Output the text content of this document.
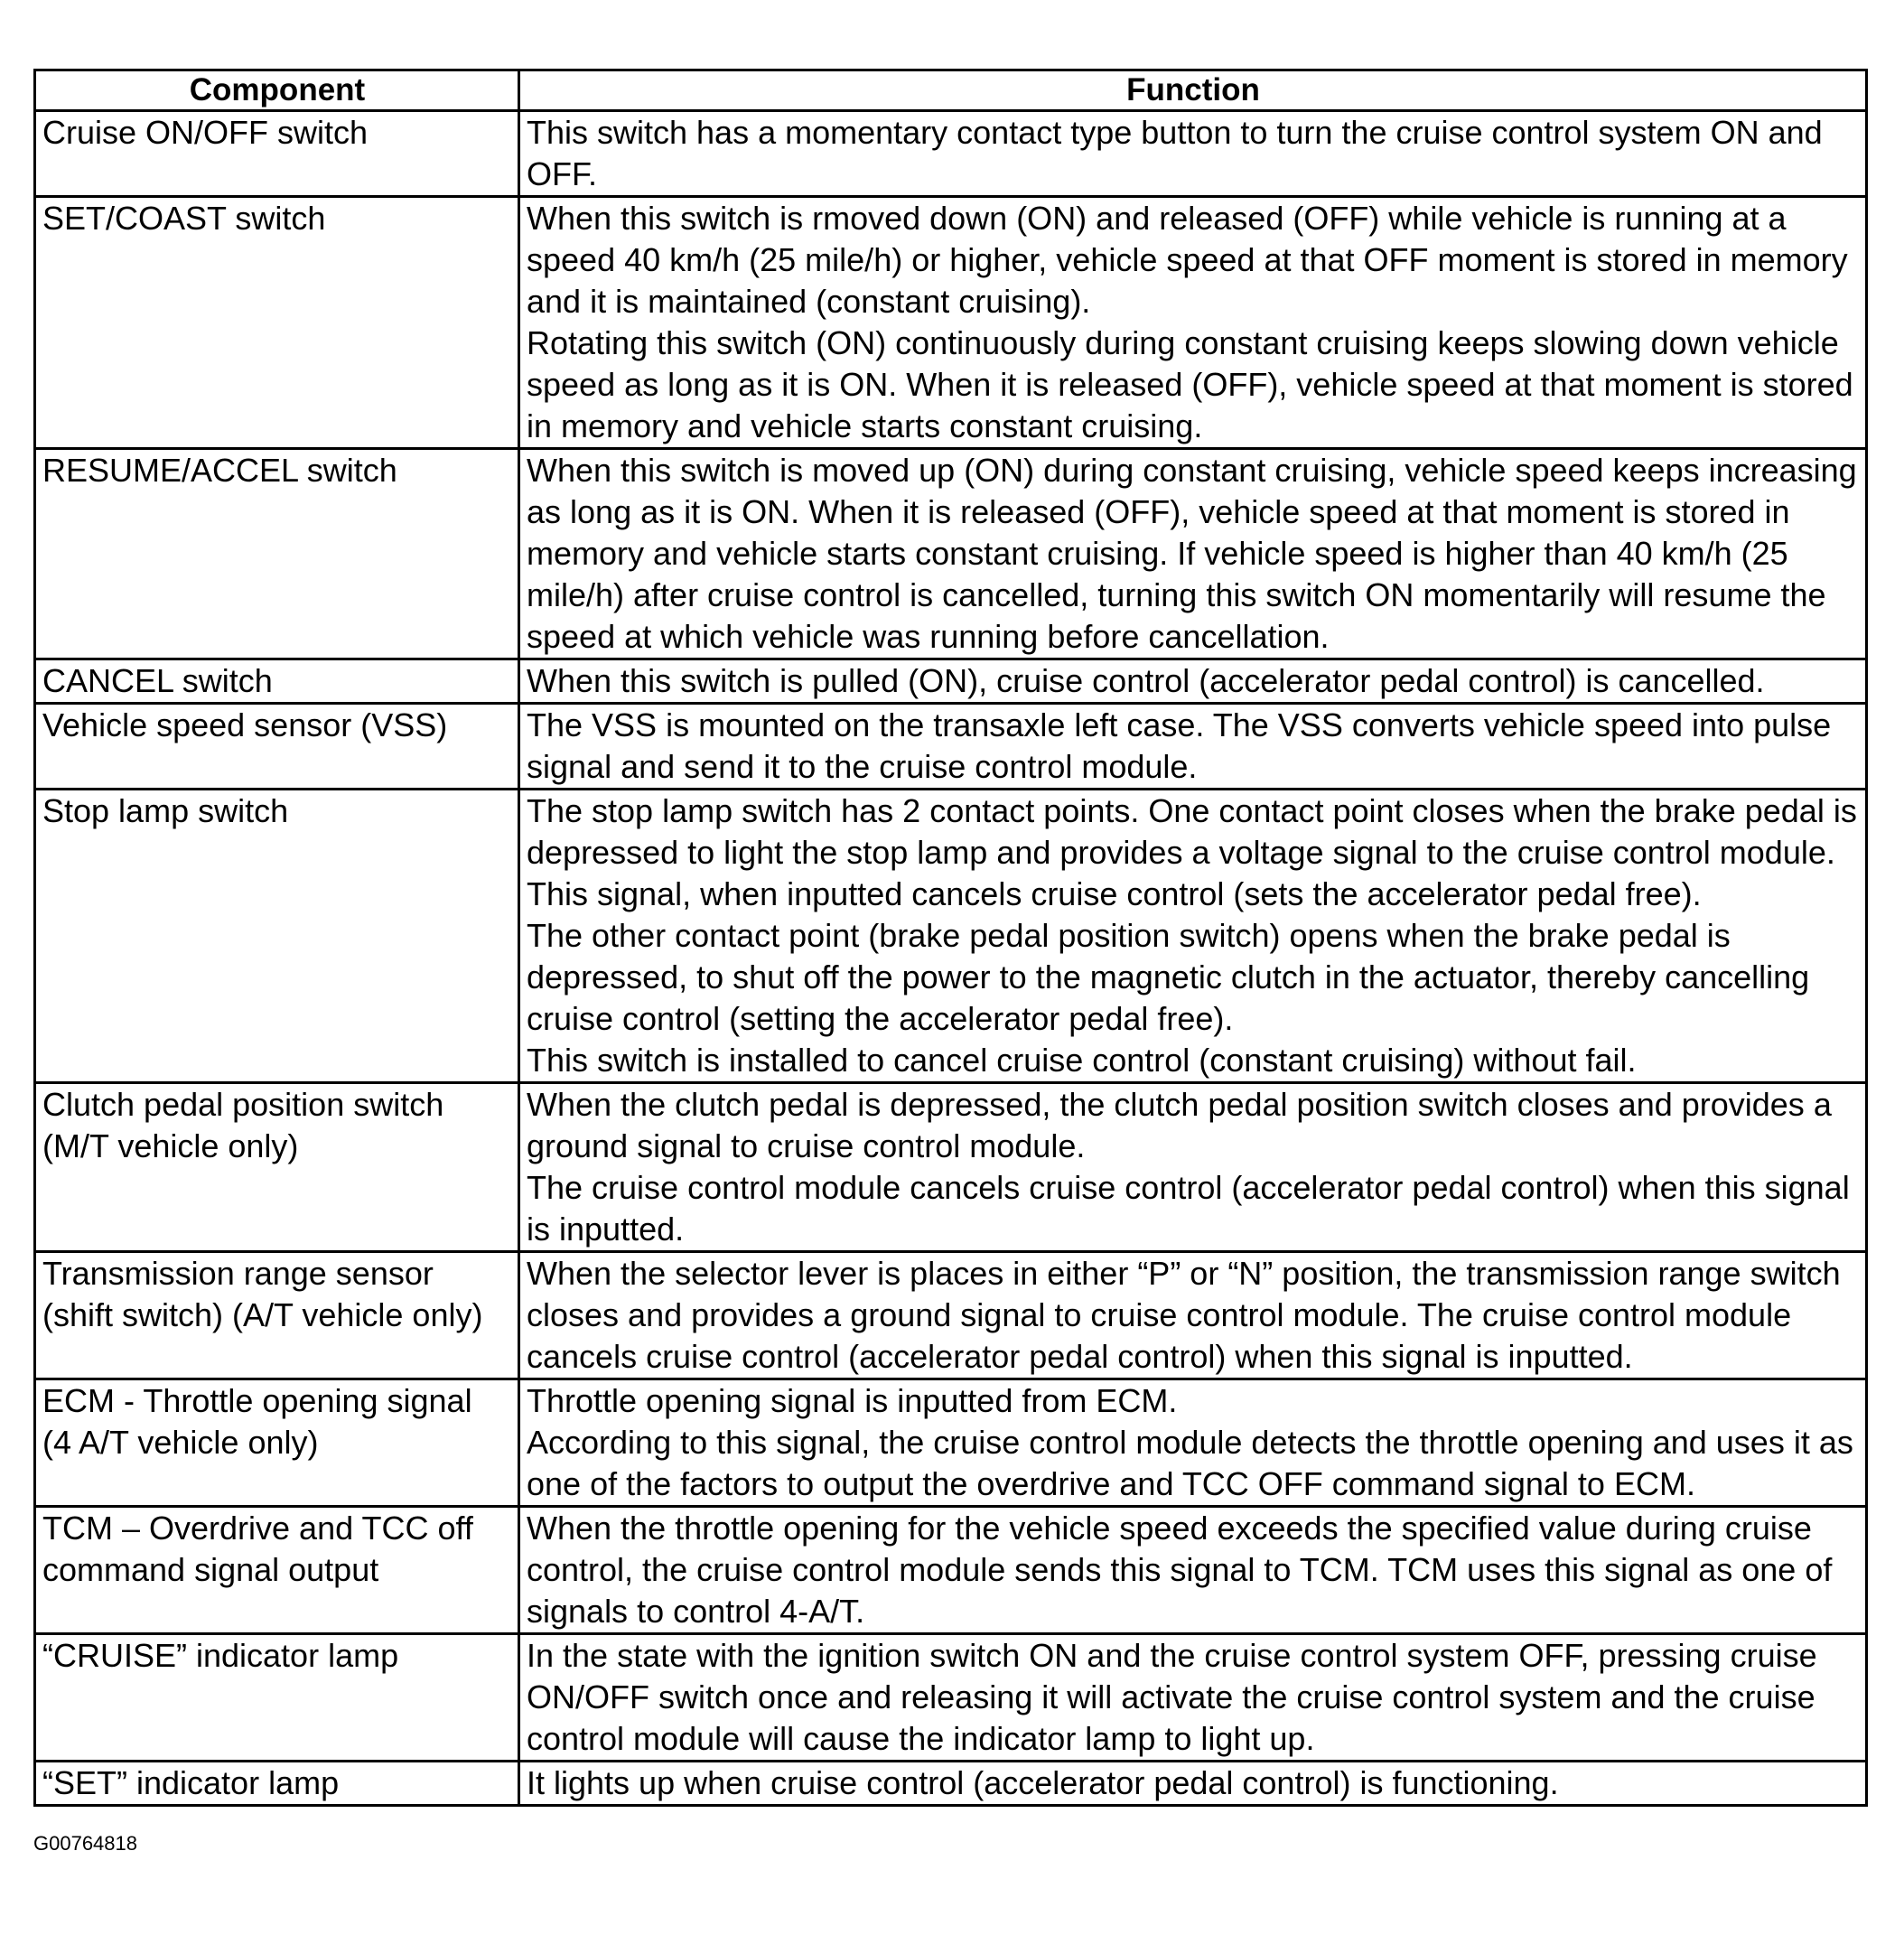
Component	Function

Cruise ON/OFF switch	This switch has a momentary contact type button to turn the cruise control system ON and OFF.

SET/COAST switch	When this switch is rmoved down (ON) and released (OFF) while vehicle is running at a speed 40 km/h (25 mile/h) or higher, vehicle speed at that OFF moment is stored in memory and it is maintained (constant cruising).
Rotating this switch (ON) continuously during constant cruising keeps slowing down vehicle speed as long as it is ON. When it is released (OFF), vehicle speed at that moment is stored in memory and vehicle starts constant cruising.

RESUME/ACCEL switch	When this switch is moved up (ON) during constant cruising, vehicle speed keeps increasing as long as it is ON. When it is released (OFF), vehicle speed at that moment is stored in memory and vehicle starts constant cruising. If vehicle speed is higher than 40 km/h (25 mile/h) after cruise control is cancelled, turning this switch ON momentarily will resume the speed at which vehicle was running before cancellation.

CANCEL switch	When this switch is pulled (ON), cruise control (accelerator pedal control) is cancelled.

Vehicle speed sensor (VSS)	The VSS is mounted on the transaxle left case. The VSS converts vehicle speed into pulse signal and send it to the cruise control module.

Stop lamp switch	The stop lamp switch has 2 contact points. One contact point closes when the brake pedal is depressed to light the stop lamp and provides a voltage signal to the cruise control module. This signal, when inputted cancels cruise control (sets the accelerator pedal free).
The other contact point (brake pedal position switch) opens when the brake pedal is depressed, to shut off the power to the magnetic clutch in the actuator, thereby cancelling cruise control (setting the accelerator pedal free).
This switch is installed to cancel cruise control (constant cruising) without fail.

Clutch pedal position switch
(M/T vehicle only)	When the clutch pedal is depressed, the clutch pedal position switch closes and provides a ground signal to cruise control module.
The cruise control module cancels cruise control (accelerator pedal control) when this signal is inputted.

Transmission range sensor
(shift switch) (A/T vehicle only)	When the selector lever is places in either “P” or “N” position, the transmission range switch closes and provides a ground signal to cruise control module. The cruise control module cancels cruise control (accelerator pedal control) when this signal is inputted.

ECM - Throttle opening signal
(4 A/T vehicle only)	Throttle opening signal is inputted from ECM.
According to this signal, the cruise control module detects the throttle opening and uses it as one of the factors to output the overdrive and TCC OFF command signal to ECM.

TCM – Overdrive and TCC off
command signal output	When the throttle opening for the vehicle speed exceeds the specified value during cruise control, the cruise control module sends this signal to TCM. TCM uses this signal as one of signals to control 4-A/T.

“CRUISE” indicator lamp	In the state with the ignition switch ON and the cruise control system OFF, pressing cruise ON/OFF switch once and releasing it will activate the cruise control system and the cruise control module will cause the indicator lamp to light up.

“SET” indicator lamp	It lights up when cruise control (accelerator pedal control) is functioning.
G00764818
